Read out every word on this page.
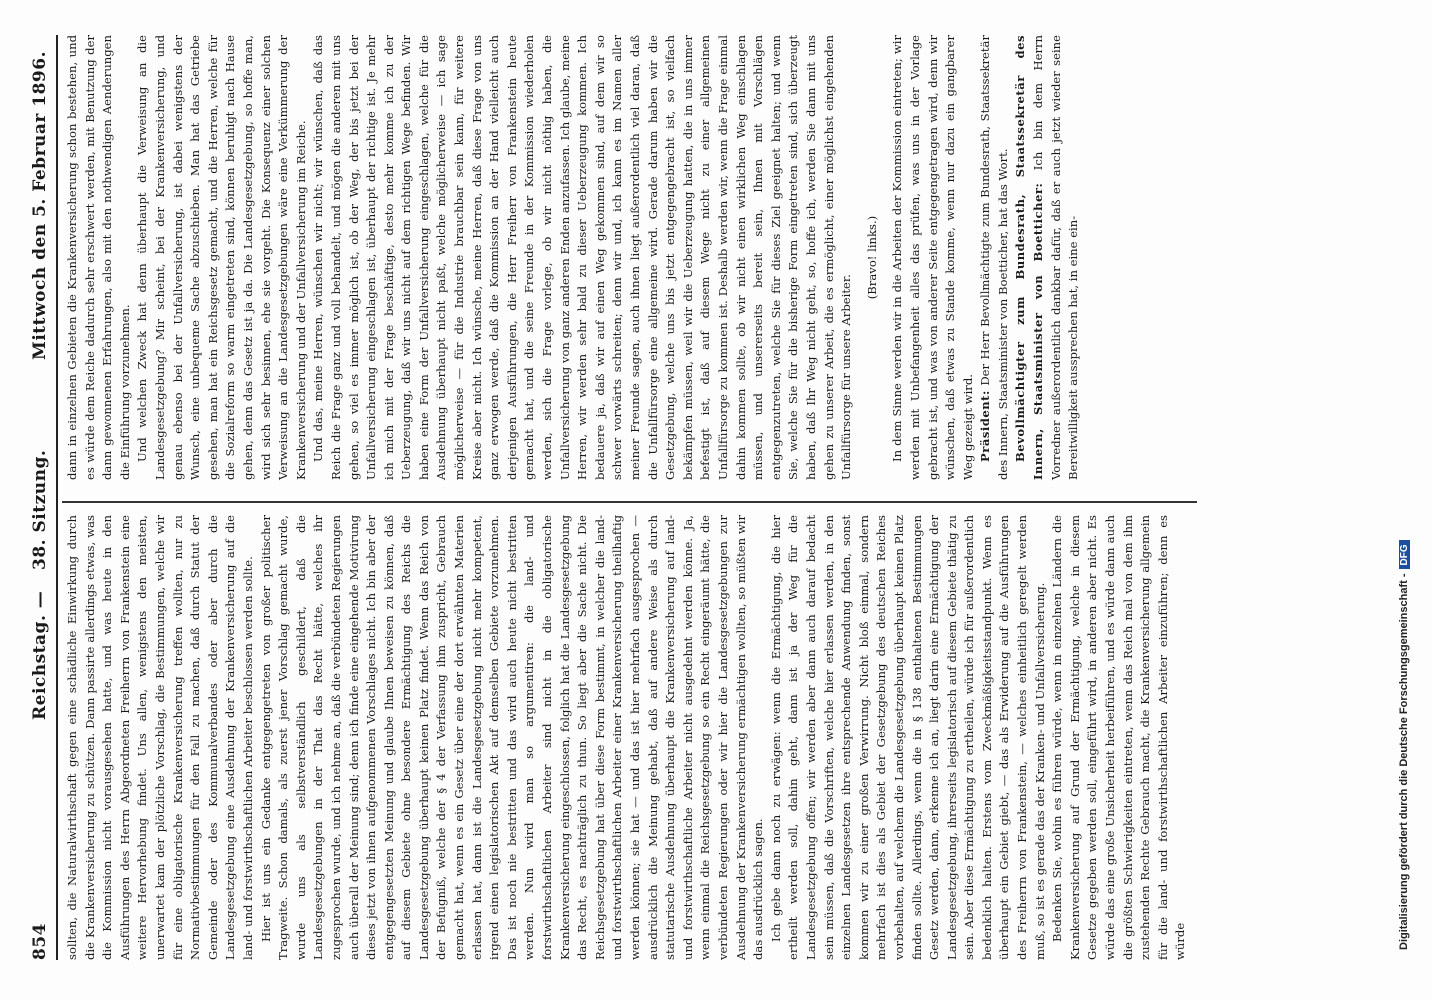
854
Reichstag. —
38. Sitzung.
Mittwoch den 5. Februar 1896.

sollten, die Naturalwirthschaft gegen eine schädliche Einwirkung durch die Krankenversicherung zu schützen. Dann passirte allerdings etwas, was die Kommission nicht vorausgesehen hatte, und was heute in den Ausführungen des Herrn Abgeordneten Freiherrn von Frankenstein eine weitere Hervorhebung findet. Uns allen, wenigstens den meisten, unerwartet kam der plötzliche Vorschlag, die Bestimmungen, welche wir für eine obligatorische Krankenversicherung treffen wollten, nur zu Normativbestimmungen für den Fall zu machen, daß durch Statut der Gemeinde oder des Kommunalverbandes oder aber durch die Landesgesetzgebung eine Ausdehnung der Krankenversicherung auf die land- und forstwirthschaftlichen Arbeiter beschlossen werden sollte. Hier ist uns ein Gedanke entgegengetreten von großer politischer Tragweite. Schon damals, als zuerst jener Vorschlag gemacht wurde, wurde uns als selbstverständlich geschildert, daß die Landesgesetzgebungen in der That das Recht hätte, welches ihr zugesprochen wurde, und ich nehme an, daß die verbündeten Regierungen auch überall der Meinung sind; denn ich finde eine eingehende Motivirung dieses jetzt von ihnen aufgenommenen Vorschlages nicht. Ich bin aber der entgegengesetzten Meinung und glaube Ihnen beweisen zu können, daß auf diesem Gebiete ohne besondere Ermächtigung des Reichs die Landesgesetzgebung überhaupt keinen Platz findet. Wenn das Reich von der Befugniß, welche der § 4 der Verfassung ihm zuspricht, Gebrauch gemacht hat, wenn es ein Gesetz über eine der dort erwähnten Materien erlassen hat, dann ist die Landesgesetzgebung nicht mehr kompetent, irgend einen legislatorischen Akt auf demselben Gebiete vorzunehmen. Das ist noch nie bestritten und das wird auch heute nicht bestritten werden. Nun wird man so argumentiren: die land- und forstwirthschaftlichen Arbeiter sind nicht in die obligatorische Krankenversicherung eingeschlossen, folglich hat die Landesgesetzgebung das Recht, es nachträglich zu thun. So liegt aber die Sache nicht. Die Reichsgesetzgebung hat über diese Form bestimmt, in welcher die land- und forstwirthschaftlichen Arbeiter einer Krankenversicherung theilhaftig werden können; sie hat — und das ist hier mehrfach ausgesprochen — ausdrücklich die Meinung gehabt, daß auf andere Weise als durch statutarische Ausdehnung überhaupt die Krankenversicherung auf land- und forstwirthschaftliche Arbeiter nicht ausgedehnt werden könne. Ja, wenn einmal die Reichsgesetzgebung so ein Recht eingeräumt hätte, die verbündeten Regierungen oder wir hier die Landesgesetzgebungen zur Ausdehnung der Krankenversicherung ermächtigen wollten, so müßten wir das ausdrücklich sagen. Ich gebe dann noch zu erwägen: wenn die Ermächtigung, die hier ertheilt werden soll, dahin geht, dann ist ja der Weg für die Landesgesetzgebung offen; wir werden aber dann auch darauf bedacht sein müssen, daß die Vorschriften, welche hier erlassen werden, in den einzelnen Landesgesetzen ihre entsprechende Anwendung finden, sonst kommen wir zu einer großen Verwirrung. Nicht bloß einmal, sondern mehrfach ist dies als Gebiet der Gesetzgebung des deutschen Reiches vorbehalten, auf welchem die Landesgesetzgebung überhaupt keinen Platz finden sollte. Allerdings, wenn die in § 138 enthaltenen Bestimmungen Gesetz werden, dann, erkenne ich an, liegt darin eine Ermächtigung der Landesgesetzgebung, ihrerseits legislatorisch auf diesem Gebiete thätig zu sein. Aber diese Ermächtigung zu ertheilen, würde ich für außerordentlich bedenklich halten. Erstens vom Zweckmäßigkeitsstandpunkt. Wenn es überhaupt ein Gebiet giebt, — das als Erwiderung auf die Ausführungen des Freiherrn von Frankenstein, — welches einheitlich geregelt werden muß, so ist es gerade das der Kranken- und Unfallversicherung. Bedenken Sie, wohin es führen würde, wenn in einzelnen Ländern die Krankenversicherung auf Grund der Ermächtigung, welche in diesem Gesetze gegeben werden soll, eingeführt wird, in anderen aber nicht. Es würde das eine große Unsicherheit herbeiführen, und es würde dann auch die größten Schwierigkeiten eintreten, wenn das Reich mal von dem ihm zustehenden Rechte Gebrauch macht, die Krankenversicherung allgemein für die land- und forstwirthschaftlichen Arbeiter einzuführen; denn es würde

dann in einzelnen Gebieten die Krankenversicherung schon bestehen, und es würde dem Reiche dadurch sehr erschwert werden, mit Benutzung der dann gewonnenen Erfahrungen, also mit den nothwendigen Aenderungen die Einführung vorzunehmen. Und welchen Zweck hat denn überhaupt die Verweisung an die Landesgesetzgebung? Mir scheint, bei der Krankenversicherung, und genau ebenso bei der Unfallversicherung, ist dabei wenigstens der Wunsch, eine unbequeme Sache abzuschieben. Man hat das Getriebe gesehen, man hat ein Reichsgesetz gemacht, und die Herren, welche für die Sozialreform so warm eingetreten sind, können beruhigt nach Hause gehen, denn das Gesetz ist ja da. Die Landesgesetzgebung, so hoffe man, wird sich sehr besinnen, ehe sie vorgeht. Die Konsequenz einer solchen Verweisung an die Landesgesetzgebungen wäre eine Verkümmerung der Krankenversicherung und der Unfallversicherung im Reiche. Und das, meine Herren, wünschen wir nicht; wir wünschen, daß das Reich die Frage ganz und voll behandelt, und mögen die anderen mit uns gehen, so viel es immer möglich ist, ob der Weg, der bis jetzt bei der Unfallversicherung eingeschlagen ist, überhaupt der richtige ist. Je mehr ich mich mit der Frage beschäftige, desto mehr komme ich zu der Ueberzeugung, daß wir uns nicht auf dem richtigen Wege befinden. Wir haben eine Form der Unfallversicherung eingeschlagen, welche für die Ausdehnung überhaupt nicht paßt, welche möglicherweise — ich sage möglicherweise — für die Industrie brauchbar sein kann, für weitere Kreise aber nicht. Ich wünsche, meine Herren, daß diese Frage von uns ganz erwogen werde, daß die Kommission an der Hand vielleicht auch derjenigen Ausführungen, die Herr Freiherr von Frankenstein heute gemacht hat, und die seine Freunde in der Kommission wiederholen werden, sich die Frage vorlege, ob wir nicht nöthig haben, die Unfallversicherung von ganz anderen Enden anzufassen. Ich glaube, meine Herren, wir werden sehr bald zu dieser Ueberzeugung kommen. Ich bedauere ja, daß wir auf einen Weg gekommen sind, auf dem wir so schwer vorwärts schreiten; denn wir und, ich kann es im Namen aller meiner Freunde sagen, auch ihnen liegt außerordentlich viel daran, daß die Unfallfürsorge eine allgemeine wird. Gerade darum haben wir die Gesetzgebung, welche uns bis jetzt entgegengebracht ist, so vielfach bekämpfen müssen, weil wir die Ueberzeugung hatten, die in uns immer befestigt ist, daß auf diesem Wege nicht zu einer allgemeinen Unfallfürsorge zu kommen ist. Deshalb werden wir, wenn die Frage einmal dahin kommen sollte, ob wir nicht einen wirklichen Weg einschlagen müssen, und unsererseits bereit sein, Ihnen mit Vorschlägen entgegenzutreten, welche Sie für dieses Ziel geeignet halten; und wenn Sie, welche Sie für die bisherige Form eingetreten sind, sich überzeugt haben, daß Ihr Weg nicht geht, so, hoffe ich, werden Sie dann mit uns gehen zu unserer Arbeit, die es ermöglicht, einer möglichst eingehenden Unfallfürsorge für unsere Arbeiter.

(Bravo! links.) In dem Sinne werden wir in die Arbeiten der Kommission eintreten; wir werden mit Unbefangenheit alles das prüfen, was uns in der Vorlage gebracht ist, und was von anderer Seite entgegengetragen wird, denn wir wünschen, daß etwas zu Stande komme, wenn nur dazu ein gangbarer Weg gezeigt wird. Präsident: Der Herr Bevollmächtigte zum Bundesrath, Staatssekretär des Innern, Staatsminister von Boetticher, hat das Wort. Bevollmächtigter zum Bundesrath, Staatssekretär des Innern, Staatsminister von Boetticher: Ich bin dem Herrn Vorredner außerordentlich dankbar dafür, daß er auch jetzt wieder seine Bereitwilligkeit aussprechen hat, in eine ein-

Digitalisierung gefördert durch die Deutsche Forschungsgemeinschaft -DFG
